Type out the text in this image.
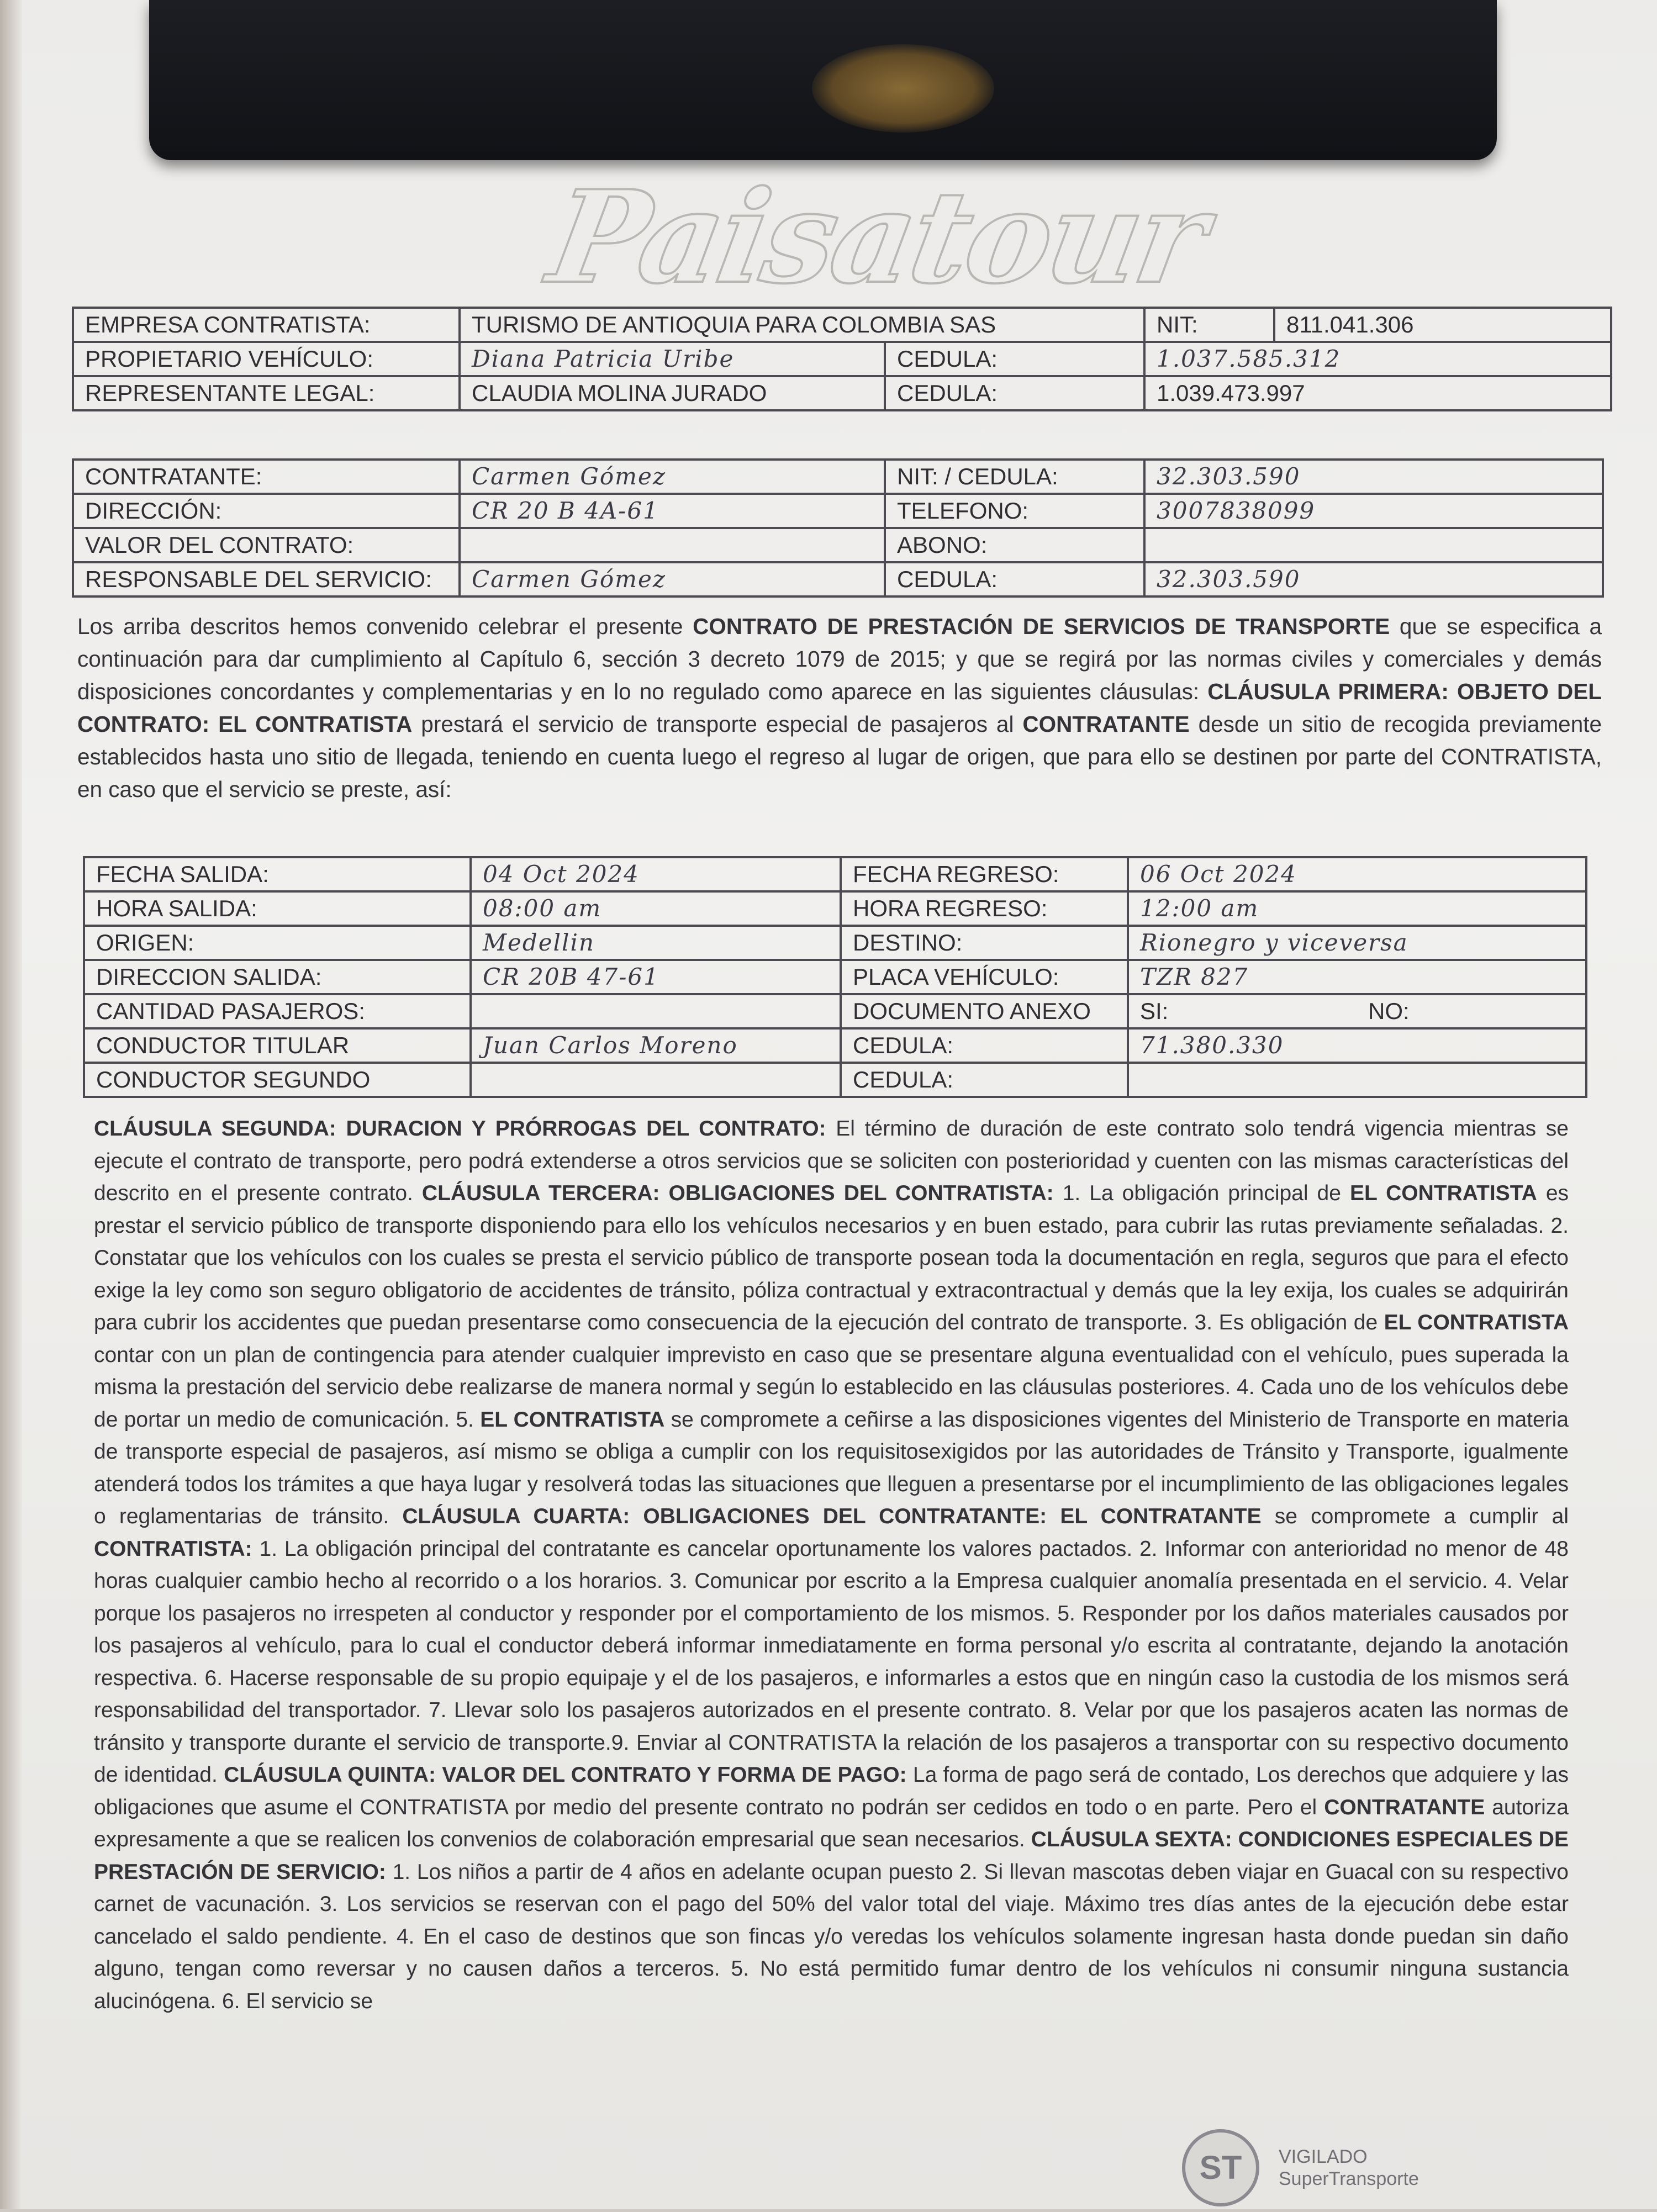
Paisatour
EMPRESA CONTRATISTA:	TURISMO DE ANTIOQUIA PARA COLOMBIA SAS		NIT:	811.041.306
PROPIETARIO VEHÍCULO:	Diana Patricia Uribe	CEDULA:	1.037.585.312	
REPRESENTANTE LEGAL:	CLAUDIA MOLINA JURADO	CEDULA:	1.039.473.997	
CONTRATANTE:	Carmen Gómez	NIT: / CEDULA:	32.303.590
DIRECCIÓN:	CR 20 B 4A-61	TELEFONO:	3007838099
VALOR DEL CONTRATO:		ABONO:	
RESPONSABLE DEL SERVICIO:	Carmen Gómez	CEDULA:	32.303.590
Los arriba descritos hemos convenido celebrar el presente CONTRATO DE PRESTACIÓN DE SERVICIOS DE TRANSPORTE que se especifica a continuación para dar cumplimiento al Capítulo 6, sección 3 decreto 1079 de 2015; y que se regirá por las normas civiles y comerciales y demás disposiciones concordantes y complementarias y en lo no regulado como aparece en las siguientes cláusulas: CLÁUSULA PRIMERA: OBJETO DEL CONTRATO: EL CONTRATISTA prestará el servicio de transporte especial de pasajeros al CONTRATANTE desde un sitio de recogida previamente establecidos hasta uno sitio de llegada, teniendo en cuenta luego el regreso al lugar de origen, que para ello se destinen por parte del CONTRATISTA, en caso que el servicio se preste, así:
FECHA SALIDA:	04 Oct 2024	FECHA REGRESO:	06 Oct 2024	
HORA SALIDA:	08:00 am	HORA REGRESO:	12:00 am	
ORIGEN:	Medellin	DESTINO:	Rionegro y viceversa	
DIRECCION SALIDA:	CR 20B 47-61	PLACA VEHÍCULO:	TZR 827	
CANTIDAD PASAJEROS:		DOCUMENTO ANEXO	SI:	NO:
CONDUCTOR TITULAR	Juan Carlos Moreno	CEDULA:	71.380.330	
CONDUCTOR SEGUNDO		CEDULA:		
CLÁUSULA SEGUNDA: DURACION Y PRÓRROGAS DEL CONTRATO: El término de duración de este contrato solo tendrá vigencia mientras se ejecute el contrato de transporte, pero podrá extenderse a otros servicios que se soliciten con posterioridad y cuenten con las mismas características del descrito en el presente contrato. CLÁUSULA TERCERA: OBLIGACIONES DEL CONTRATISTA: 1. La obligación principal de EL CONTRATISTA es prestar el servicio público de transporte disponiendo para ello los vehículos necesarios y en buen estado, para cubrir las rutas previamente señaladas. 2. Constatar que los vehículos con los cuales se presta el servicio público de transporte posean toda la documentación en regla, seguros que para el efecto exige la ley como son seguro obligatorio de accidentes de tránsito, póliza contractual y extracontractual y demás que la ley exija, los cuales se adquirirán para cubrir los accidentes que puedan presentarse como consecuencia de la ejecución del contrato de transporte. 3. Es obligación de EL CONTRATISTA contar con un plan de contingencia para atender cualquier imprevisto en caso que se presentare alguna eventualidad con el vehículo, pues superada la misma la prestación del servicio debe realizarse de manera normal y según lo establecido en las cláusulas posteriores. 4. Cada uno de los vehículos debe de portar un medio de comunicación. 5. EL CONTRATISTA se compromete a ceñirse a las disposiciones vigentes del Ministerio de Transporte en materia de transporte especial de pasajeros, así mismo se obliga a cumplir con los requisitosexigidos por las autoridades de Tránsito y Transporte, igualmente atenderá todos los trámites a que haya lugar y resolverá todas las situaciones que lleguen a presentarse por el incumplimiento de las obligaciones legales o reglamentarias de tránsito. CLÁUSULA CUARTA: OBLIGACIONES DEL CONTRATANTE: EL CONTRATANTE se compromete a cumplir al CONTRATISTA: 1. La obligación principal del contratante es cancelar oportunamente los valores pactados. 2. Informar con anterioridad no menor de 48 horas cualquier cambio hecho al recorrido o a los horarios. 3. Comunicar por escrito a la Empresa cualquier anomalía presentada en el servicio. 4. Velar porque los pasajeros no irrespeten al conductor y responder por el comportamiento de los mismos. 5. Responder por los daños materiales causados por los pasajeros al vehículo, para lo cual el conductor deberá informar inmediatamente en forma personal y/o escrita al contratante, dejando la anotación respectiva. 6. Hacerse responsable de su propio equipaje y el de los pasajeros, e informarles a estos que en ningún caso la custodia de los mismos será responsabilidad del transportador. 7. Llevar solo los pasajeros autorizados en el presente contrato. 8. Velar por que los pasajeros acaten las normas de tránsito y transporte durante el servicio de transporte.9. Enviar al CONTRATISTA la relación de los pasajeros a transportar con su respectivo documento de identidad. CLÁUSULA QUINTA: VALOR DEL CONTRATO Y FORMA DE PAGO: La forma de pago será de contado, Los derechos que adquiere y las obligaciones que asume el CONTRATISTA por medio del presente contrato no podrán ser cedidos en todo o en parte. Pero el CONTRATANTE autoriza expresamente a que se realicen los convenios de colaboración empresarial que sean necesarios. CLÁUSULA SEXTA: CONDICIONES ESPECIALES DE PRESTACIÓN DE SERVICIO: 1. Los niños a partir de 4 años en adelante ocupan puesto 2. Si llevan mascotas deben viajar en Guacal con su respectivo carnet de vacunación. 3. Los servicios se reservan con el pago del 50% del valor total del viaje. Máximo tres días antes de la ejecución debe estar cancelado el saldo pendiente. 4. En el caso de destinos que son fincas y/o veredas los vehículos solamente ingresan hasta donde puedan sin daño alguno, tengan como reversar y no causen daños a terceros. 5. No está permitido fumar dentro de los vehículos ni consumir ninguna sustancia alucinógena. 6. El servicio se
ST	VIGILADO
SuperTransporte
